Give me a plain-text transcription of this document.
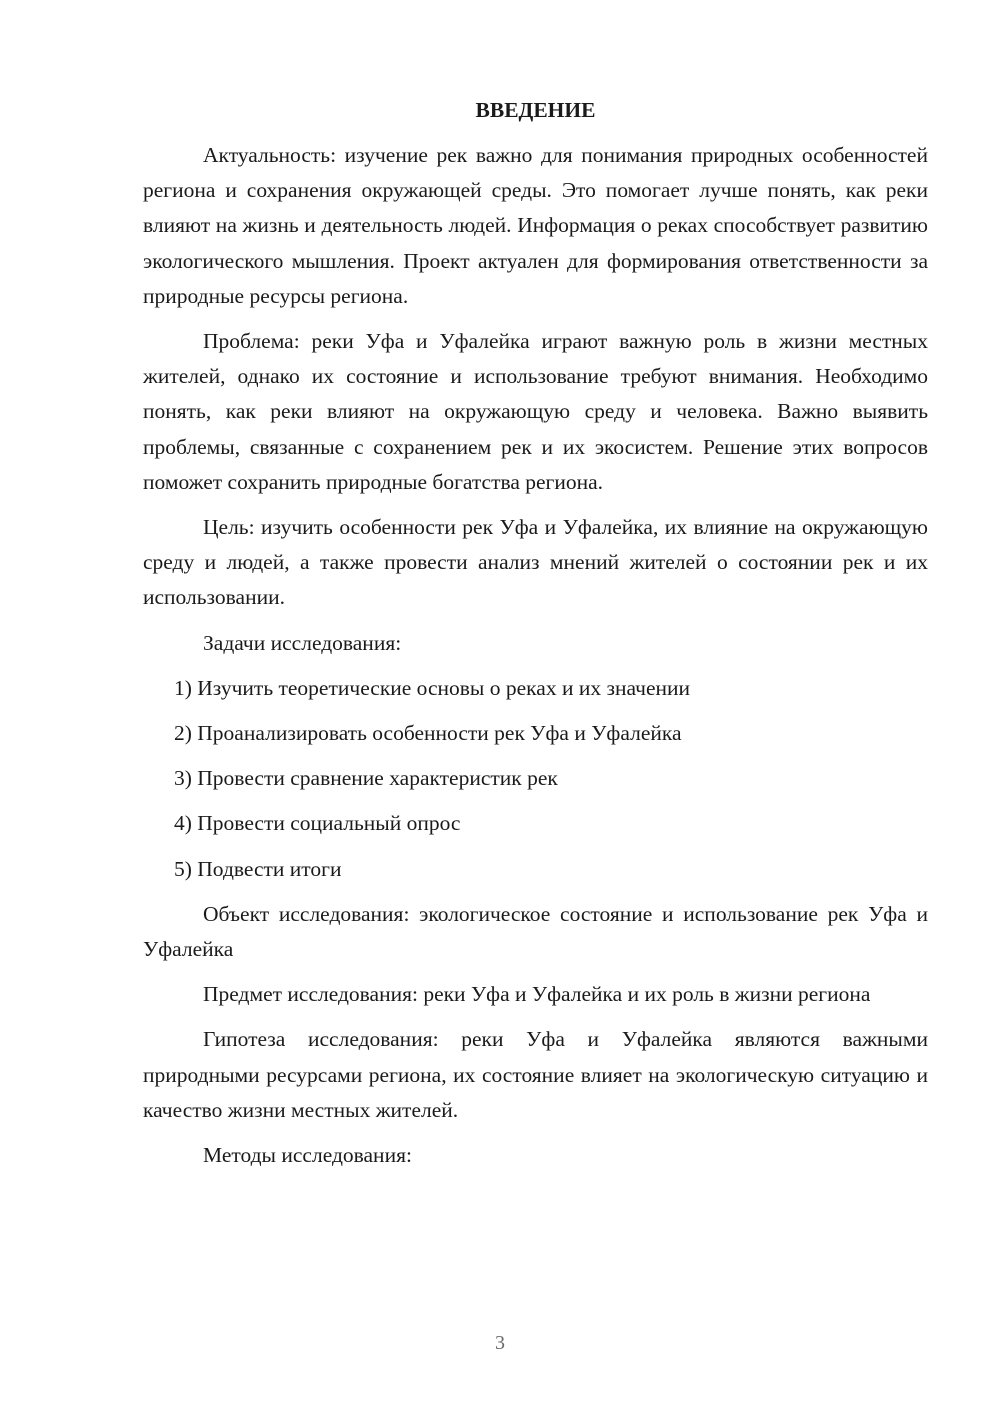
ВВЕДЕНИЕ

Актуальность: изучение рек важно для понимания природных особенностей региона и сохранения окружающей среды. Это помогает лучше понять, как реки влияют на жизнь и деятельность людей. Информация о реках способствует развитию экологического мышления. Проект актуален для формирования ответственности за природные ресурсы региона.

Проблема: реки Уфа и Уфалейка играют важную роль в жизни местных жителей, однако их состояние и использование требуют внимания. Необходимо понять, как реки влияют на окружающую среду и человека. Важно выявить проблемы, связанные с сохранением рек и их экосистем. Решение этих вопросов поможет сохранить природные богатства региона.

Цель: изучить особенности рек Уфа и Уфалейка, их влияние на окружающую среду и людей, а также провести анализ мнений жителей о состоянии рек и их использовании.

Задачи исследования:

1) Изучить теоретические основы о реках и их значении
2) Проанализировать особенности рек Уфа и Уфалейка
3) Провести сравнение характеристик рек
4) Провести социальный опрос
5) Подвести итоги

Объект исследования: экологическое состояние и использование рек Уфа и Уфалейка

Предмет исследования: реки Уфа и Уфалейка и их роль в жизни региона

Гипотеза исследования: реки Уфа и Уфалейка являются важными природными ресурсами региона, их состояние влияет на экологическую ситуацию и качество жизни местных жителей.

Методы исследования:

3
